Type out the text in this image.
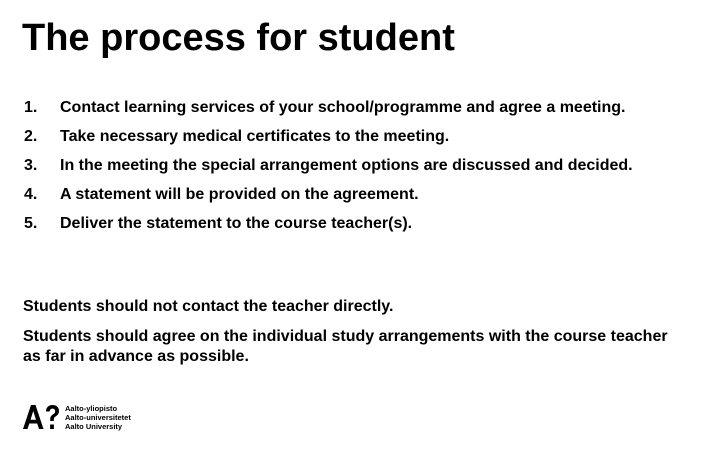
The process for student
1. Contact learning services of your school/programme and agree a meeting.
2. Take necessary medical certificates to the meeting.
3. In the meeting the special arrangement options are discussed and decided.
4. A statement will be provided on the agreement.
5. Deliver the statement to the course teacher(s).

Students should not contact the teacher directly.

Students should agree on the individual study arrangements with the course teacher as far in advance as possible.

Aalto-yliopisto
Aalto-universitetet
Aalto University
